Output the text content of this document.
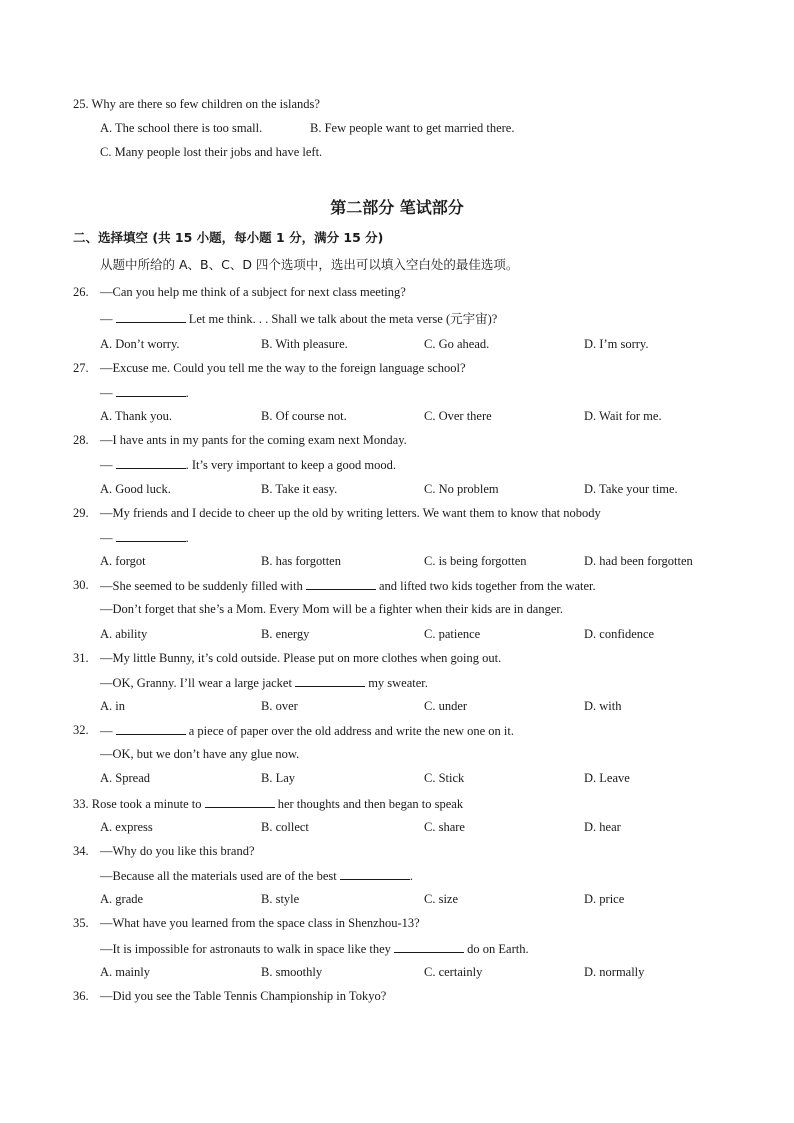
25. Why are there so few children on the islands?
A. The school there is too small.	B. Few people want to get married there.
C. Many people lost their jobs and have left.
第二部分 笔试部分
二、选择填空 (共 15 小题，每小题 1 分，满分 15 分)
从题中所给的 A、B、C、D 四个选项中，选出可以填入空白处的最佳选项。
26. —Can you help me think of a subject for next class meeting?
—	Let me think. . . Shall we talk about the meta verse (元宇宙)?
A. Don’t worry.	B. With pleasure.	C. Go ahead.	D. I’m sorry.
27. —Excuse me. Could you tell me the way to the foreign language school?
—	.
A. Thank you.	B. Of course not.	C. Over there	D. Wait for me.
28. —I have ants in my pants for the coming exam next Monday.
—	. It’s very important to keep a good mood.
A. Good luck.	B. Take it easy.	C. No problem	D. Take your time.
29. —My friends and I decide to cheer up the old by writing letters. We want them to know that nobody
—	.
A. forgot	B. has forgotten	C. is being forgotten	D. had been forgotten
30. —She seemed to be suddenly filled with	and lifted two kids together from the water.
—Don’t forget that she’s a Mom. Every Mom will be a fighter when their kids are in danger.
A. ability	B. energy	C. patience	D. confidence
31. —My little Bunny, it’s cold outside. Please put on more clothes when going out.
—OK, Granny. I’ll wear a large jacket	my sweater.
A. in	B. over	C. under	D. with
32. —	a piece of paper over the old address and write the new one on it.
—OK, but we don’t have any glue now.
A. Spread	B. Lay	C. Stick	D. Leave
33. Rose took a minute to	her thoughts and then began to speak
A. express	B. collect	C. share	D. hear
34. —Why do you like this brand?
—Because all the materials used are of the best	.
A. grade	B. style	C. size	D. price
35. —What have you learned from the space class in Shenzhou-13?
—It is impossible for astronauts to walk in space like they	do on Earth.
A. mainly	B. smoothly	C. certainly	D. normally
36. —Did you see the Table Tennis Championship in Tokyo?
